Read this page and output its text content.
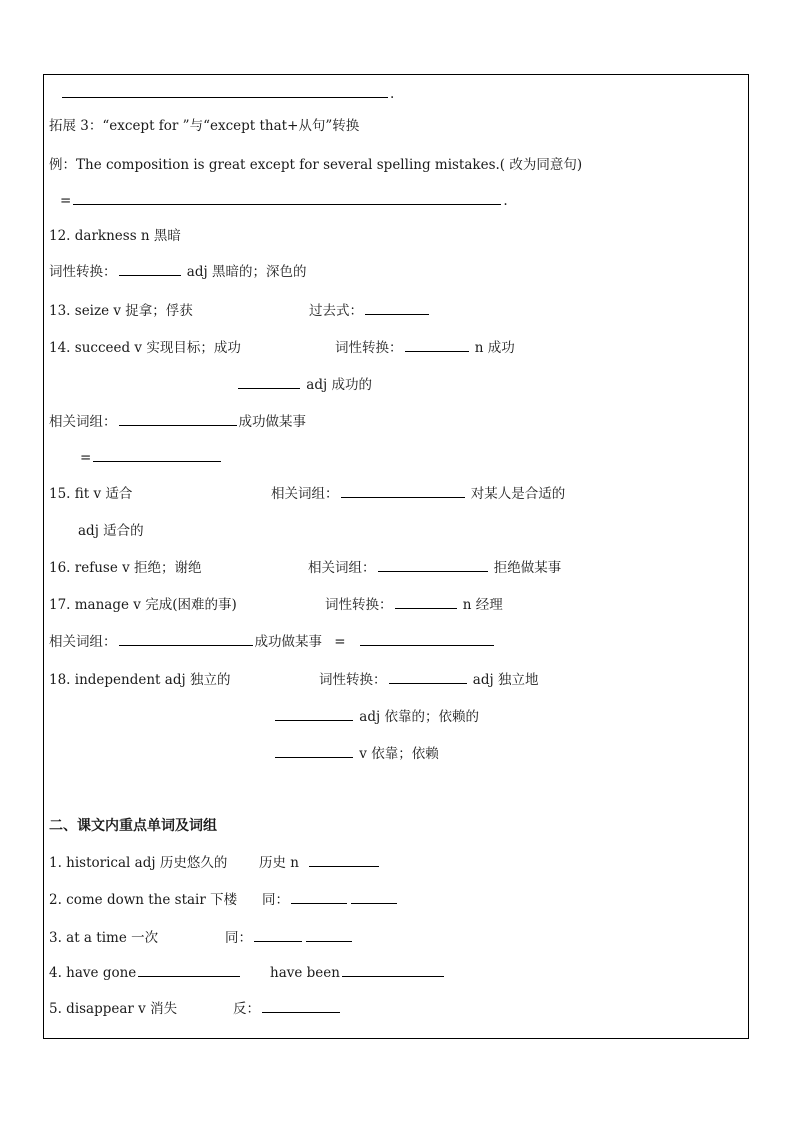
.
拓展 3：“except for ”与“except that+从句”转换
例：The composition is great except for several spelling mistakes.( 改为同意句)
=	.
12. darkness n 黑暗
词性转换：	adj 黑暗的；深色的
13. seize v 捉拿；俘获	过去式：
14. succeed v 实现目标；成功	词性转换：	n 成功
adj 成功的
相关词组：	成功做某事
=
15. fit v 适合	相关词组：	对某人是合适的
adj 适合的
16. refuse v 拒绝；谢绝	相关词组：	拒绝做某事
17. manage v 完成(困难的事)	词性转换：	n 经理
相关词组：	成功做某事 =
18. independent adj 独立的	词性转换：	adj 独立地
adj 依靠的；依赖的
v 依靠；依赖
二、课文内重点单词及词组
1. historical adj 历史悠久的 历史 n
2. come down the stair 下楼 同：
3. at a time 一次	同：
4. have gone	have been
5. disappear v 消失	反：
